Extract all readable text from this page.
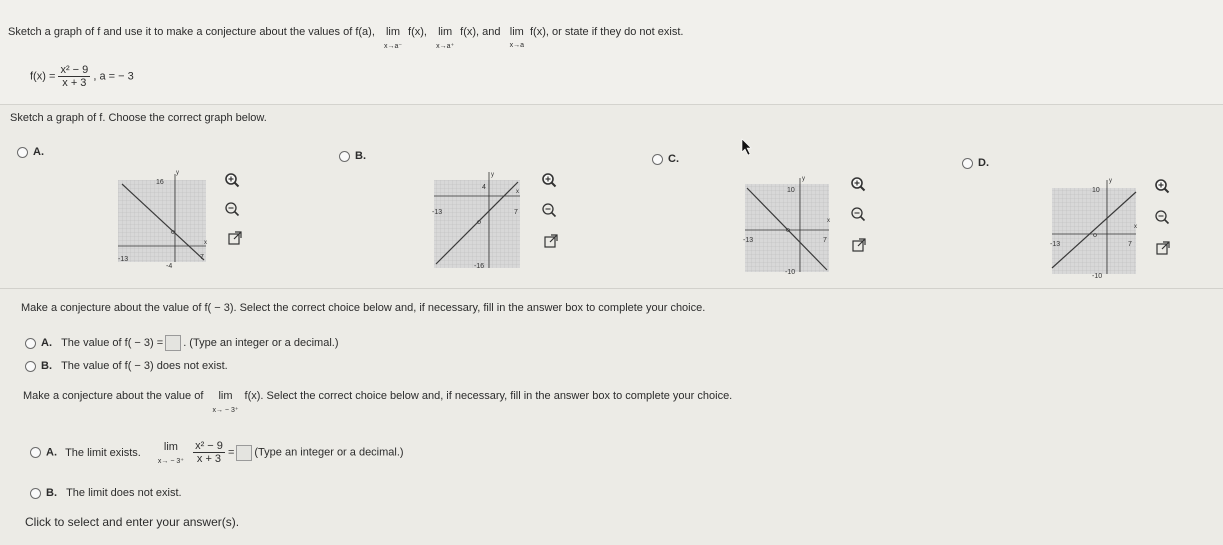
Sketch a graph of f and use it to make a conjecture about the values of f(a), lim
x→a⁻
f(x), lim
x→a⁺
f(x), and lim
x→a
f(x), or state if they do not exist.
$f(x) = \frac{\text{x² − 9}}{x + 3}$ , a = − 3
Sketch a graph of f. Choose the correct graph below.
A.	B.	C.	D.
16
y
x
-13	7
-4
4
y
x
-13	7
-16
10
y
x
-13	7
-10
10
y
x
-13	7
-10
Make a conjecture about the value of f( − 3). Select the correct choice below and, if necessary, fill in the answer box to complete your choice.
A. The value of f( − 3) = . (Type an integer or a decimal.)
B. The value of f( − 3) does not exist.
Make a conjecture about the value of lim
x→ − 3⁺
f(x). Select the correct choice below and, if necessary, fill in the answer box to complete your choice.
A. The limit exists. lim
x→ − 3⁺
$\frac{\text{x² − 9}}{x + 3}$ = (Type an integer or a decimal.)
B. The limit does not exist.
Click to select and enter your answer(s).
